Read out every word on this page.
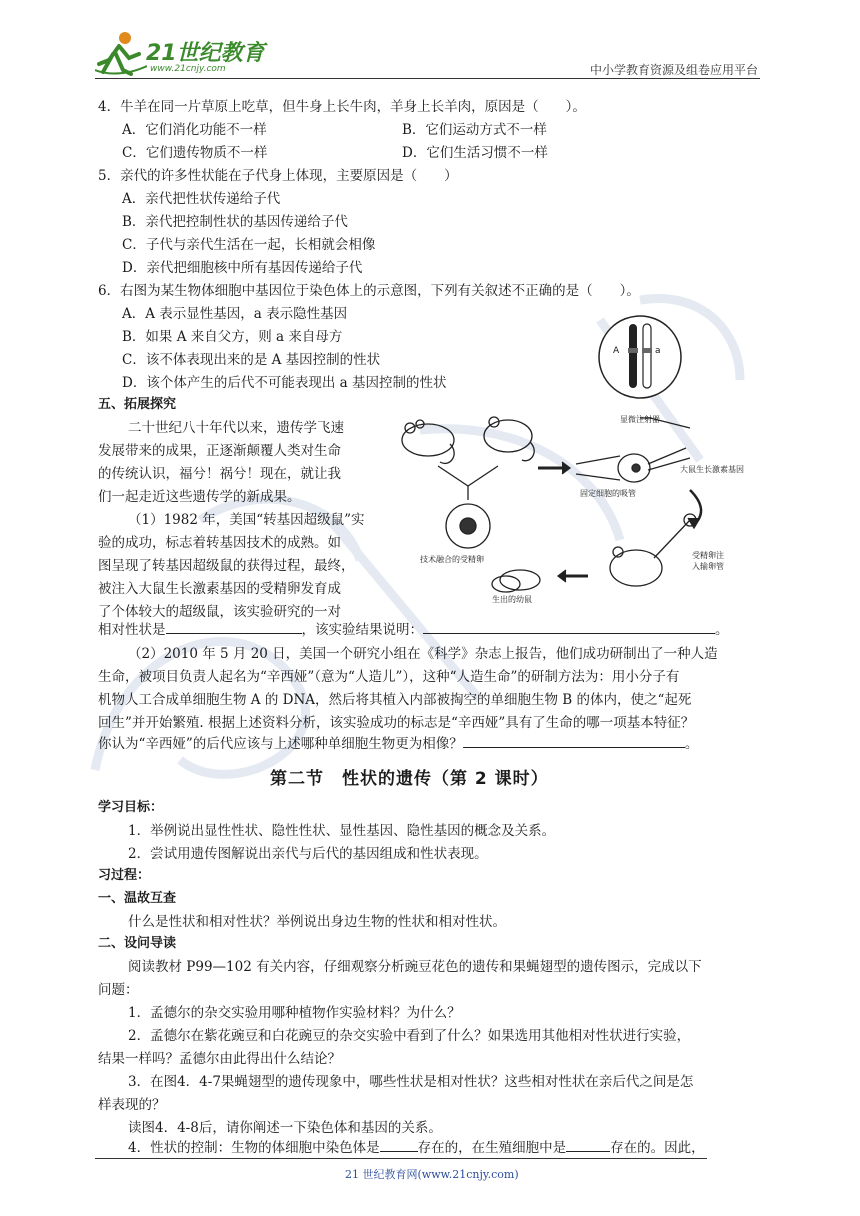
21世纪教育
www.21cnjy.com	中小学教育资源及组卷应用平台
4．牛羊在同一片草原上吃草，但牛身上长牛肉，羊身上长羊肉，原因是（　　）。
A．它们消化功能不一样	B．它们运动方式不一样
C．它们遗传物质不一样	D．它们生活习惯不一样
5．亲代的许多性状能在子代身上体现，主要原因是（　　）
A．亲代把性状传递给子代
B．亲代把控制性状的基因传递给子代
C．子代与亲代生活在一起，长相就会相像
D．亲代把细胞核中所有基因传递给子代
6．右图为某生物体细胞中基因位于染色体上的示意图，下列有关叙述不正确的是（　　）。
A．A 表示显性基因，a 表示隐性基因
B．如果 A 来自父方，则 a 来自母方
C．该不体表现出来的是 A 基因控制的性状
D．该个体产生的后代不可能表现出 a 基因控制的性状
A	a
五、拓展探究
二十世纪八十年代以来，遗传学飞速
发展带来的成果，正逐渐颠覆人类对生命
的传统认识，福兮！祸兮！现在，就让我
们一起走近这些遗传学的新成果。
（1）1982 年，美国“转基因超级鼠”实
验的成功，标志着转基因技术的成熟。如
图呈现了转基因超级鼠的获得过程，最终，
被注入大鼠生长激素基因的受精卵发育成
了个体较大的超级鼠，该实验研究的一对
相对性状是	，该实验结果说明：	。
（2）2010 年 5 月 20 日，美国一个研究小组在《科学》杂志上报告，他们成功研制出了一种人造
生命，被项目负责人起名为“辛西娅”（意为“人造儿”），这种“人造生命”的研制方法为：用小分子有
机物人工合成单细胞生物 A 的 DNA，然后将其植入内部被掏空的单细胞生物 B 的体内，使之“起死
回生”并开始繁殖. 根据上述资料分析，该实验成功的标志是“辛西娅”具有了生命的哪一项基本特征？
你认为“辛西娅”的后代应该与上述哪种单细胞生物更为相像？	。
显微注射器
大鼠生长激素基因
固定细胞的吸管
技术融合的受精卵	受精卵注
入输卵管
生出的幼鼠
第二节　性状的遗传（第 2 课时）
学习目标：
1．举例说出显性性状、隐性性状、显性基因、隐性基因的概念及关系。
2．尝试用遗传图解说出亲代与后代的基因组成和性状表现。
习过程：
一、温故互查
什么是性状和相对性状？举例说出身边生物的性状和相对性状。
二、设问导读
阅读教材 P99—102 有关内容，仔细观察分析豌豆花色的遗传和果蝇翅型的遗传图示，完成以下
问题：
1．孟德尔的杂交实验用哪种植物作实验材料？为什么？
2．孟德尔在紫花豌豆和白花豌豆的杂交实验中看到了什么？如果选用其他相对性状进行实验，
结果一样吗？孟德尔由此得出什么结论？
3．在图4．4-7果蝇翅型的遗传现象中，哪些性状是相对性状？这些相对性状在亲后代之间是怎
样表现的？
读图4．4-8后，请你阐述一下染色体和基因的关系。
4．性状的控制：生物的体细胞中染色体是	存在的，在生殖细胞中是	存在的。因此，
21 世纪教育网(www.21cnjy.com)
